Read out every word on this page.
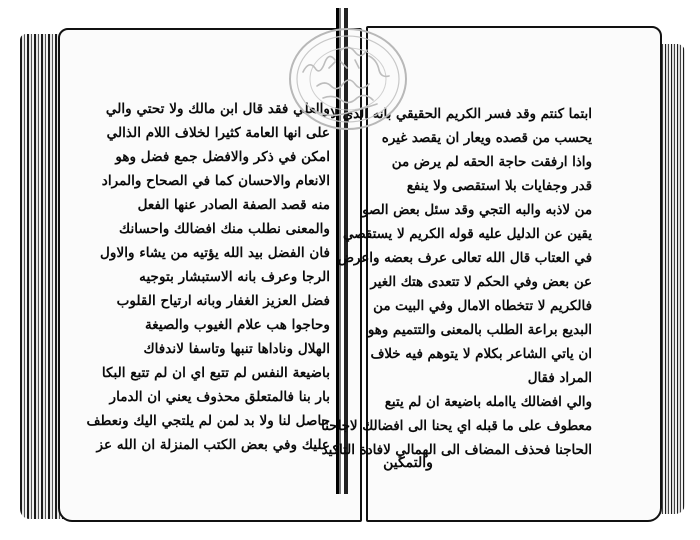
والعلي فقد قال ابن مالك ولا تحتي والي
على انها العامة كثيرا لخلاف اللام الذالي
امكن في ذكر والافضل جمع فضل وهو
الانعام والاحسان كما في الصحاح والمراد
منه قصد الصفة الصادر عنها الفعل
والمعنى نطلب منك افضالك واحسانك
فان الفضل بيد الله يؤتيه من يشاء والاول
الرجا وعرف بانه الاستبشار بتوجيه
فضل العزيز الغفار وبانه ارتياح القلوب
وحاجوا هب علام الغيوب والصيغة
الهلال وناداها تنبها وتاسفا لاندفاك
باضيعة النفس لم تتبع اي ان لم تتبع البكا
بار بنا فالمتعلق محذوف يعني ان الدمار
حاصل لنا ولا بد لمن لم يلتجي اليك ونعطف
عليك وفي بعض الكتب المنزلة ان الله عز
ابتما كنتم وقد فسر الكريم الحقيقي بانه الذي لا
يحسب من قصده ويعار ان يقصد غيره
واذا ارفقت حاجة الحقه لم يرض من
قدر وجفايات بلا استقصى ولا ينفع
من لاذبه والبه التجي وقد سئل بعض الصو
يقين عن الدليل عليه قوله الكريم لا يستقصي
في العتاب قال الله تعالى عرف بعضه واعرض
عن بعض وفي الحكم لا تتعدى هتك الغير
فالكريم لا تتخطاه الامال وفي البيت من
البديع براعة الطلب بالمعنى والتتميم وهو
ان ياتي الشاعر بكلام لا يتوهم فيه خلاف
المراد فقال
والي افضالك ياامله باضيعة ان لم يتبع
معطوف على ما قبله اي يحنا الى افضالك لاجاحنا
الحاجنا فحذف المضاف الى الهمالي لافادة التاكيد
والتمكين
